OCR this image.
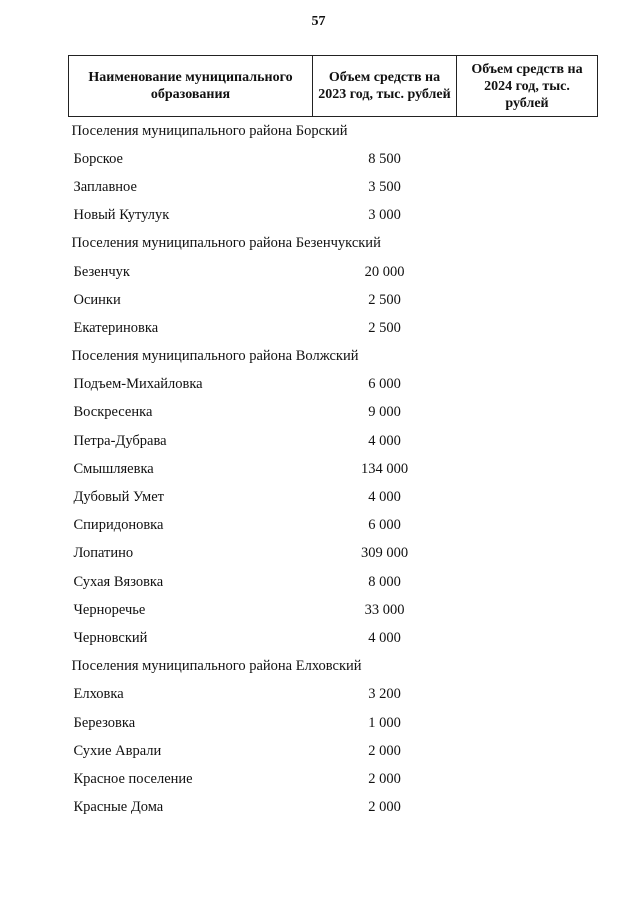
57
Наименование муниципального образования	Объем средств на 2023 год, тыс. рублей	Объем средств на 2024 год, тыс. рублей
Поселения муниципального района Борский		
Борское	8 500	
Заплавное	3 500	
Новый Кутулук	3 000	
Поселения муниципального района Безенчукский		
Безенчук	20 000	
Осинки	2 500	
Екатериновка	2 500	
Поселения муниципального района Волжский		
Подъем-Михайловка	6 000	
Воскресенка	9 000	
Петра-Дубрава	4 000	
Смышляевка	134 000	
Дубовый Умет	4 000	
Спиридоновка	6 000	
Лопатино	309 000	
Сухая Вязовка	8 000	
Черноречье	33 000	
Черновский	4 000	
Поселения муниципального района Елховский		
Елховка	3 200	
Березовка	1 000	
Сухие Аврали	2 000	
Красное поселение	2 000	
Красные Дома	2 000	
